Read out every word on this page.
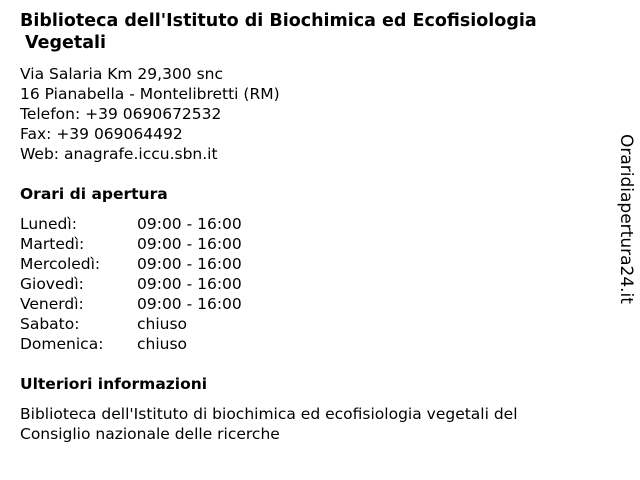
Biblioteca dell'Istituto di Biochimica ed Ecofisiologia
Vegetali
Via Salaria Km 29,300 snc
16 Pianabella - Montelibretti (RM)
Telefon: +39 0690672532
Fax: +39 069064492
Web: anagrafe.iccu.sbn.it
Orari di apertura
Lunedì:	09:00 - 16:00
Martedì:	09:00 - 16:00
Mercoledì:	09:00 - 16:00
Giovedì:	09:00 - 16:00
Venerdì:	09:00 - 16:00
Sabato:	chiuso
Domenica:	chiuso
Ulteriori informazioni
Biblioteca dell'Istituto di biochimica ed ecofisiologia vegetali del Consiglio nazionale delle ricerche
Oraridiapertura24.it
